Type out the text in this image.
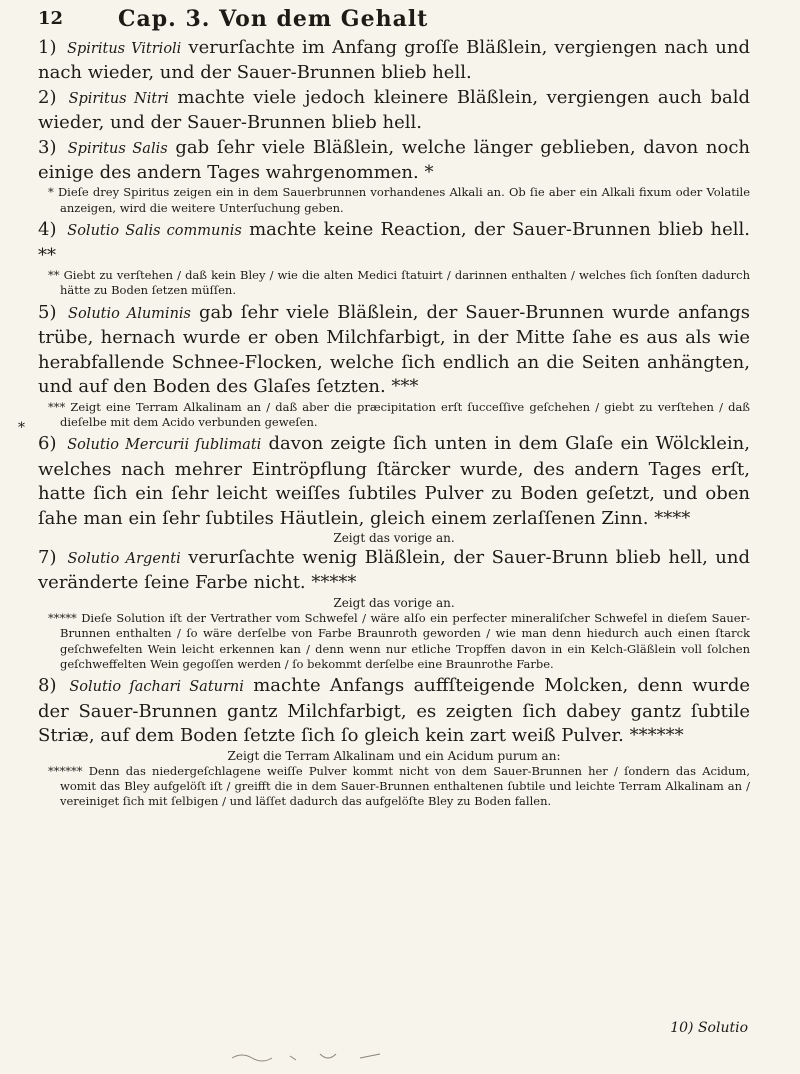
12 Cap. 3. Von dem Gehalt

1) Spiritus Vitrioli verurſachte im Anfang groſſe Bläßlein, vergiengen nach und nach wieder, und der Sauer-Brunnen blieb hell.

2) Spiritus Nitri machte viele jedoch kleinere Bläßlein, vergiengen auch bald wieder, und der Sauer-Brunnen blieb hell.

3) Spiritus Salis gab ſehr viele Bläßlein, welche länger geblieben, davon noch einige des andern Tages wahrgenommen. *

* Dieſe drey Spiritus zeigen ein in dem Sauerbrunnen vorhandenes Alkali an. Ob ſie aber ein Alkali fixum oder Volatile anzeigen, wird die weitere Unterſuchung geben.

4) Solutio Salis communis machte keine Reaction, der Sauer-Brunnen blieb hell. **

** Giebt zu verſtehen / daß kein Bley / wie die alten Medici ſtatuirt / darinnen enthalten / welches ſich ſonſten dadurch hätte zu Boden ſetzen müſſen.

5) Solutio Aluminis gab ſehr viele Bläßlein, der Sauer-Brunnen wurde anfangs trübe, hernach wurde er oben Milchfarbigt, in der Mitte ſahe es aus als wie herabfallende Schnee-Flocken, welche ſich endlich an die Seiten anhängten, und auf den Boden des Glaſes ſetzten. ***

*** Zeigt eine Terram Alkalinam an / daß aber die præcipitation erſt ſucceſſive geſchehen / giebt zu verſtehen / daß dieſelbe mit dem Acido verbunden geweſen.

6) Solutio Mercurii ſublimati davon zeigte ſich unten in dem Glaſe ein Wölcklein, welches nach mehrer Eintröpflung ſtärcker wurde, des andern Tages erſt, hatte ſich ein ſehr leicht weiſſes ſubtiles Pulver zu Boden geſetzt, und oben ſahe man ein ſehr ſubtiles Häutlein, gleich einem zerlaſſenen Zinn. ****

Zeigt das vorige an.

7) Solutio Argenti verurſachte wenig Bläßlein, der Sauer-Brunn blieb hell, und veränderte ſeine Farbe nicht. *****

Zeigt das vorige an.

***** Dieſe Solution iſt der Vertrather vom Schwefel / wäre alſo ein perfecter mineraliſcher Schwefel in dieſem Sauer-Brunnen enthalten / ſo wäre derſelbe von Farbe Braunroth geworden / wie man denn hiedurch auch einen ſtarck geſchwefelten Wein leicht erkennen kan / denn wenn nur etliche Tropffen davon in ein Kelch-Gläßlein voll ſolchen geſchweffelten Wein gegoſſen werden / ſo bekommt derſelbe eine Braunrothe Farbe.

8) Solutio ſachari Saturni machte Anfangs auffſteigende Molcken, denn wurde der Sauer-Brunnen gantz Milchfarbigt, es zeigten ſich dabey gantz ſubtile Striæ, auf dem Boden ſetzte ſich ſo gleich kein zart weiß Pulver. ******

Zeigt die Terram Alkalinam und ein Acidum purum an:

****** Denn das niedergeſchlagene weiſſe Pulver kommt nicht von dem Sauer-Brunnen her / ſondern das Acidum, womit das Bley aufgelöſt iſt / greifft die in dem Sauer-Brunnen enthaltenen ſubtile und leichte Terram Alkalinam an / vereiniget ſich mit ſelbigen / und läſſet dadurch das aufgelöſte Bley zu Boden fallen.

*
10) Solutio
